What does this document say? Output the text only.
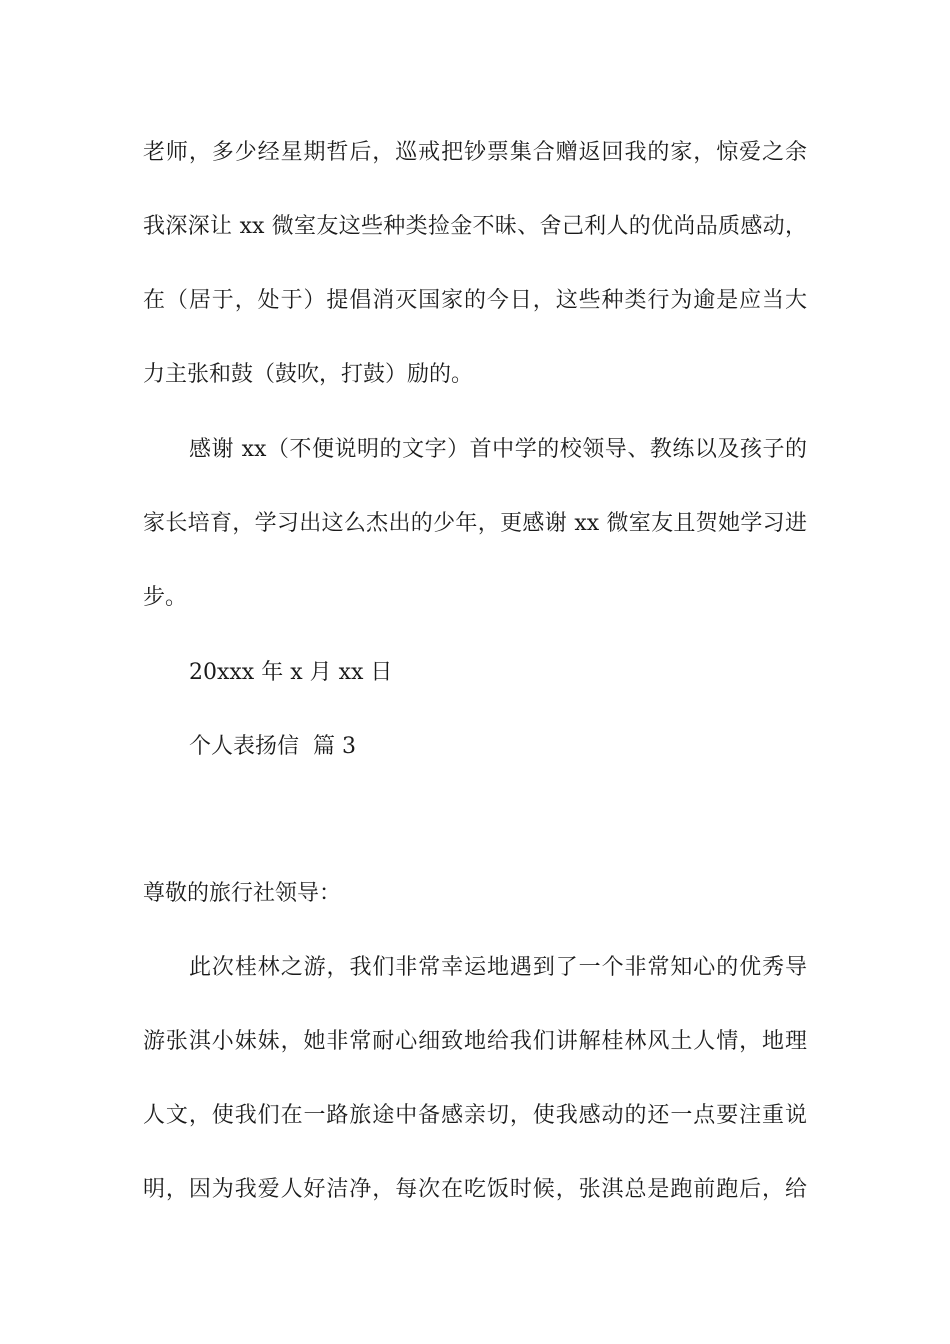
老师，多少经星期哲后，巡戒把钞票集合赠返回我的家，惊爱之余

我深深让 xx 微室友这些种类捡金不昧、舍己利人的优尚品质感动，

在（居于，处于）提倡消灭国家的今日，这些种类行为逾是应当大

力主张和鼓（鼓吹，打鼓）励的。

感谢 xx（不便说明的文字）首中学的校领导、教练以及孩子的

家长培育，学习出这么杰出的少年，更感谢 xx 微室友且贺她学习进

步。

20xxx 年 x 月 xx 日

个人表扬信  篇 3

尊敬的旅行社领导：

此次桂林之游，我们非常幸运地遇到了一个非常知心的优秀导

游张淇小妹妹，她非常耐心细致地给我们讲解桂林风土人情，地理

人文，使我们在一路旅途中备感亲切，使我感动的还一点要注重说

明，因为我爱人好洁净，每次在吃饭时候，张淇总是跑前跑后，给
